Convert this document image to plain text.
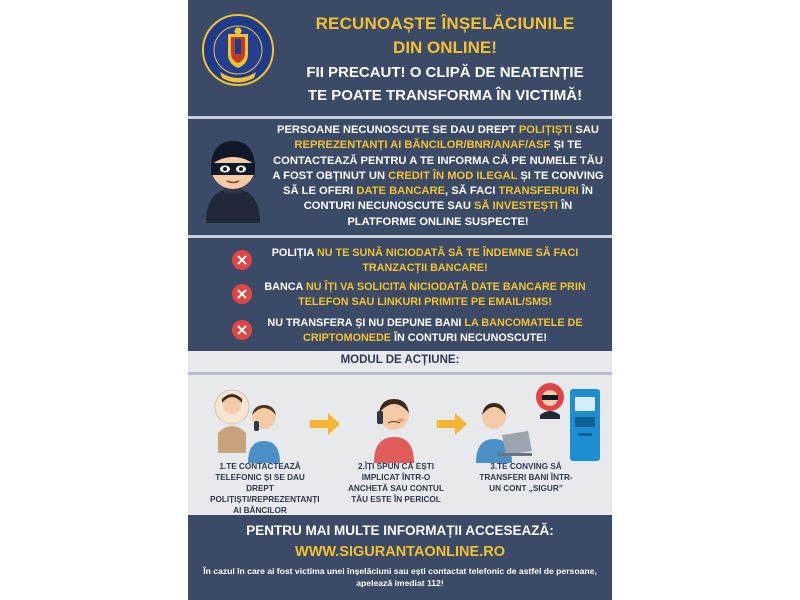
RECUNOAȘTE ÎNȘELĂCIUNILE
DIN ONLINE!
FII PRECAUT! O CLIPĂ DE NEATENȚIE
TE POATE TRANSFORMA ÎN VICTIMĂ!
PERSOANE NECUNOSCUTE SE DAU DREPT POLIȚIȘTI SAU REPREZENTANȚI AI BĂNCILOR/BNR/ANAF/ASF ȘI TE CONTACTEAZĂ PENTRU A TE INFORMA CĂ PE NUMELE TĂU A FOST OBȚINUT UN CREDIT ÎN MOD ILEGAL ȘI TE CONVING SĂ LE OFERI DATE BANCARE, SĂ FACI TRANSFERURI ÎN CONTURI NECUNOSCUTE SAU SĂ INVESTEȘTI ÎN PLATFORME ONLINE SUSPECTE!
POLIȚIA NU TE SUNĂ NICIODATĂ SĂ TE ÎNDEMNE SĂ FACI TRANZACȚII BANCARE!
BANCA NU ÎȚI VA SOLICITA NICIODATĂ DATE BANCARE PRIN TELEFON SAU LINKURI PRIMITE PE EMAIL/SMS!
NU TRANSFERA ȘI NU DEPUNE BANI LA BANCOMATELE DE CRIPTOMONEDE ÎN CONTURI NECUNOSCUTE!
MODUL DE ACȚIUNE:
1.TE CONTACTEAZĂ TELEFONIC ȘI SE DAU DREPT POLIȚIȘTI/REPREZENTANȚI AI BĂNCILOR
2.ÎȚI SPUN CĂ EȘTI IMPLICAT ÎNTR-O ANCHETĂ SAU CONTUL TĂU ESTE ÎN PERICOL
3.TE CONVING SĂ TRANSFERI BANI ÎNTR-UN CONT „SIGUR”
PENTRU MAI MULTE INFORMAȚII ACCESEAZĂ:
WWW.SIGURANTAONLINE.RO
În cazul în care ai fost victima unei înșelăciuni sau ești contactat telefonic de astfel de persoane, apelează imediat 112!
